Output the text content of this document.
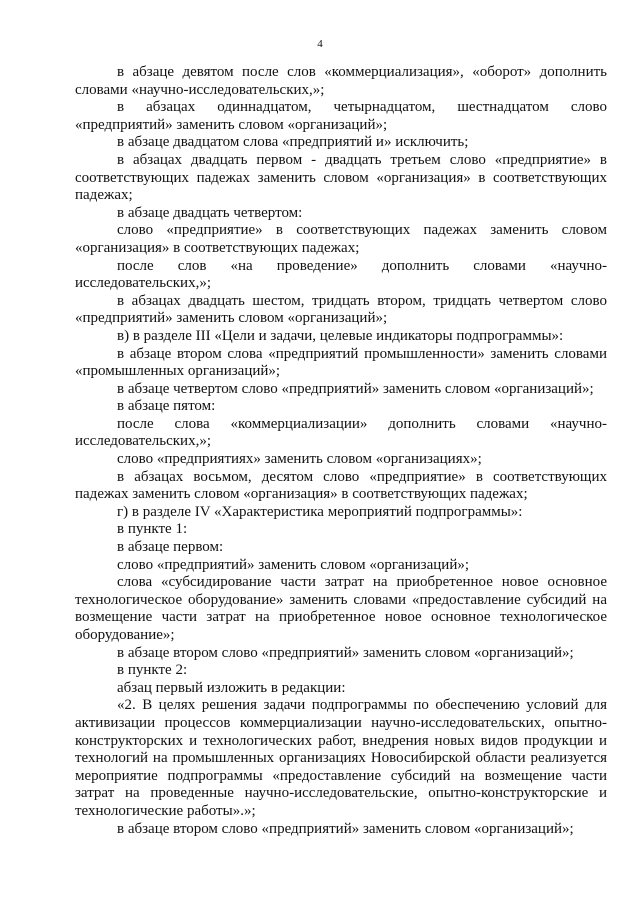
4

в абзаце девятом после слов «коммерциализация», «оборот» дополнить словами «научно-исследовательских,»;

в абзацах одиннадцатом, четырнадцатом, шестнадцатом слово «предприятий» заменить словом «организаций»;

в абзаце двадцатом слова «предприятий и» исключить;

в абзацах двадцать первом - двадцать третьем слово «предприятие» в соответствующих падежах заменить словом «организация» в соответствующих падежах;

в абзаце двадцать четвертом:

слово «предприятие» в соответствующих падежах заменить словом «организация» в соответствующих падежах;

после слов «на проведение» дополнить словами «научно-исследовательских,»;

в абзацах двадцать шестом, тридцать втором, тридцать четвертом слово «предприятий» заменить словом «организаций»;

в) в разделе III «Цели и задачи, целевые индикаторы подпрограммы»:

в абзаце втором слова «предприятий промышленности» заменить словами «промышленных организаций»;

в абзаце четвертом слово «предприятий» заменить словом «организаций»;

в абзаце пятом:

после слова «коммерциализации» дополнить словами «научно-исследовательских,»;

слово «предприятиях» заменить словом «организациях»;

в абзацах восьмом, десятом слово «предприятие» в соответствующих падежах заменить словом «организация» в соответствующих падежах;

г) в разделе IV «Характеристика мероприятий подпрограммы»:

в пункте 1:

в абзаце первом:

слово «предприятий» заменить словом «организаций»;

слова «субсидирование части затрат на приобретенное новое основное технологическое оборудование» заменить словами «предоставление субсидий на возмещение части затрат на приобретенное новое основное технологическое оборудование»;

в абзаце втором слово «предприятий» заменить словом «организаций»;

в пункте 2:

абзац первый изложить в редакции:

«2. В целях решения задачи подпрограммы по обеспечению условий для активизации процессов коммерциализации научно-исследовательских, опытно-конструкторских и технологических работ, внедрения новых видов продукции и технологий на промышленных организациях Новосибирской области реализуется мероприятие подпрограммы «предоставление субсидий на возмещение части затрат на проведенные научно-исследовательские, опытно-конструкторские и технологические работы».»;

в абзаце втором слово «предприятий» заменить словом «организаций»;
